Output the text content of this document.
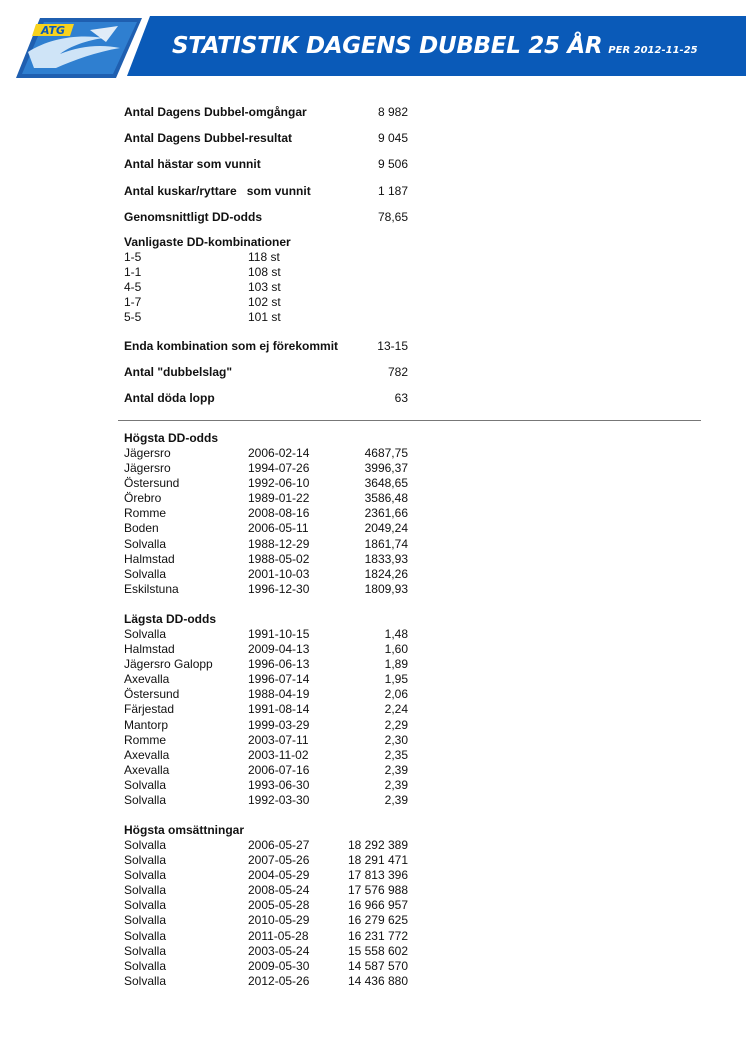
ATG
STATISTIK DAGENS DUBBEL 25 ÅR PER 2012-11-25
Antal Dagens Dubbel-omgångar	8 982
Antal Dagens Dubbel-resultat	9 045
Antal hästar som vunnit	9 506
Antal kuskar/ryttare   som vunnit	1 187
Genomsnittligt DD-odds	78,65
Vanligaste DD-kombinationer
1-5	118 st
1-1	108 st
4-5	103 st
1-7	102 st
5-5	101 st
Enda kombination som ej förekommit	13-15
Antal "dubbelslag"	782
Antal döda lopp	63
Högsta DD-odds
Jägersro	2006-02-14	4687,75
Jägersro	1994-07-26	3996,37
Östersund	1992-06-10	3648,65
Örebro	1989-01-22	3586,48
Romme	2008-08-16	2361,66
Boden	2006-05-11	2049,24
Solvalla	1988-12-29	1861,74
Halmstad	1988-05-02	1833,93
Solvalla	2001-10-03	1824,26
Eskilstuna	1996-12-30	1809,93
Lägsta DD-odds
Solvalla	1991-10-15	1,48
Halmstad	2009-04-13	1,60
Jägersro Galopp	1996-06-13	1,89
Axevalla	1996-07-14	1,95
Östersund	1988-04-19	2,06
Färjestad	1991-08-14	2,24
Mantorp	1999-03-29	2,29
Romme	2003-07-11	2,30
Axevalla	2003-11-02	2,35
Axevalla	2006-07-16	2,39
Solvalla	1993-06-30	2,39
Solvalla	1992-03-30	2,39
Högsta omsättningar
Solvalla	2006-05-27	18 292 389
Solvalla	2007-05-26	18 291 471
Solvalla	2004-05-29	17 813 396
Solvalla	2008-05-24	17 576 988
Solvalla	2005-05-28	16 966 957
Solvalla	2010-05-29	16 279 625
Solvalla	2011-05-28	16 231 772
Solvalla	2003-05-24	15 558 602
Solvalla	2009-05-30	14 587 570
Solvalla	2012-05-26	14 436 880
